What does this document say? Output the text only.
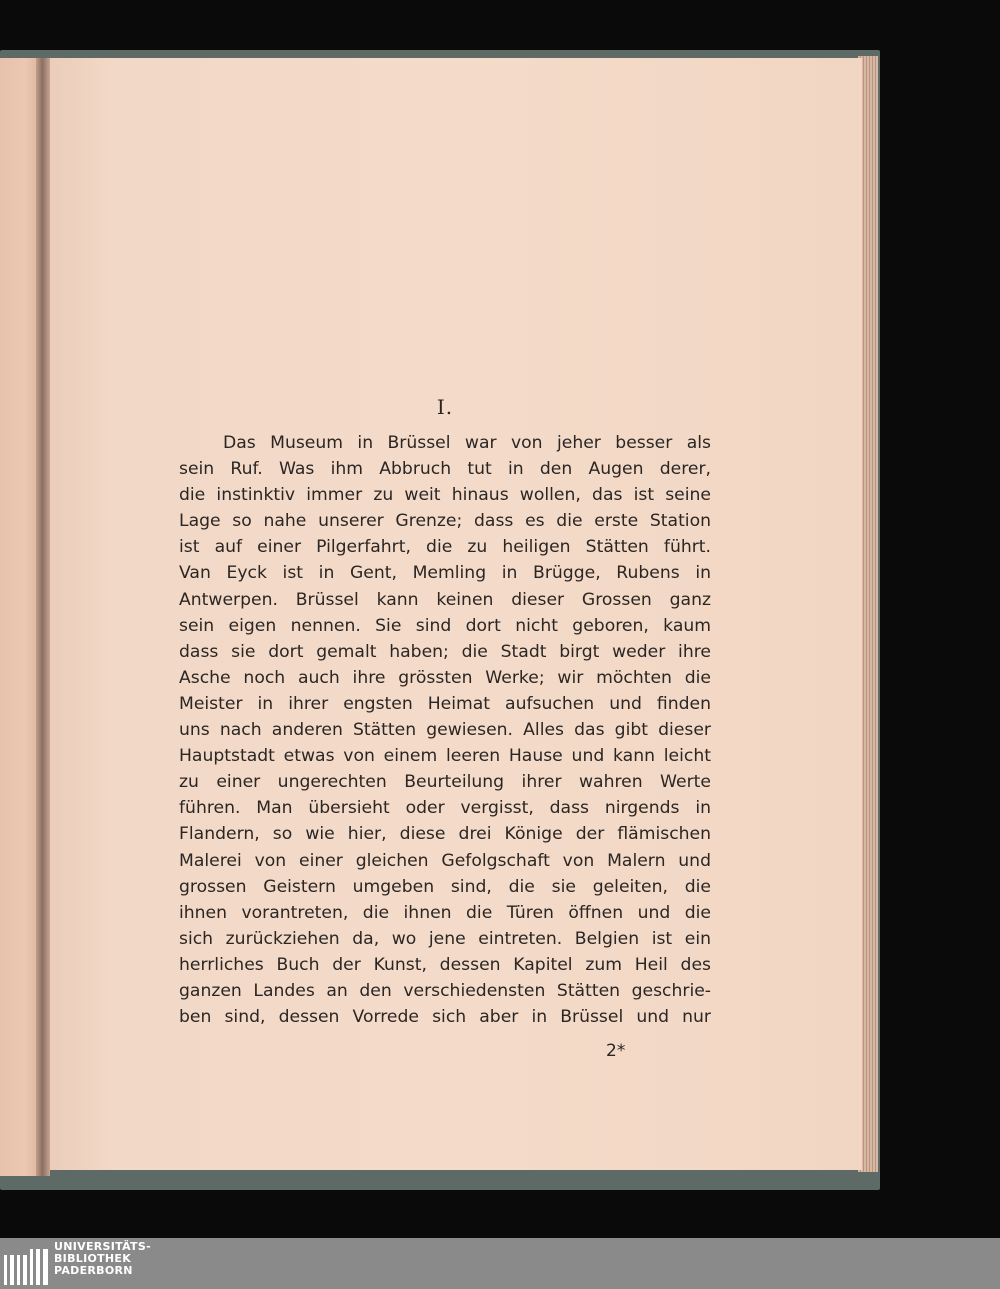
I.
Das Museum in Brüssel war von jeher besser als
sein Ruf. Was ihm Abbruch tut in den Augen derer,
die instinktiv immer zu weit hinaus wollen, das ist seine
Lage so nahe unserer Grenze; dass es die erste Station
ist auf einer Pilgerfahrt, die zu heiligen Stätten führt.
Van Eyck ist in Gent, Memling in Brügge, Rubens in
Antwerpen. Brüssel kann keinen dieser Grossen ganz
sein eigen nennen. Sie sind dort nicht geboren, kaum
dass sie dort gemalt haben; die Stadt birgt weder ihre
Asche noch auch ihre grössten Werke; wir möchten die
Meister in ihrer engsten Heimat aufsuchen und finden
uns nach anderen Stätten gewiesen. Alles das gibt dieser
Hauptstadt etwas von einem leeren Hause und kann leicht
zu einer ungerechten Beurteilung ihrer wahren Werte
führen. Man übersieht oder vergisst, dass nirgends in
Flandern, so wie hier, diese drei Könige der flämischen
Malerei von einer gleichen Gefolgschaft von Malern und
grossen Geistern umgeben sind, die sie geleiten, die
ihnen vorantreten, die ihnen die Türen öffnen und die
sich zurückziehen da, wo jene eintreten. Belgien ist ein
herrliches Buch der Kunst, dessen Kapitel zum Heil des
ganzen Landes an den verschiedensten Stätten geschrie-
ben sind, dessen Vorrede sich aber in Brüssel und nur
2*
UNIVERSITÄTS-
BIBLIOTHEK
PADERBORN
